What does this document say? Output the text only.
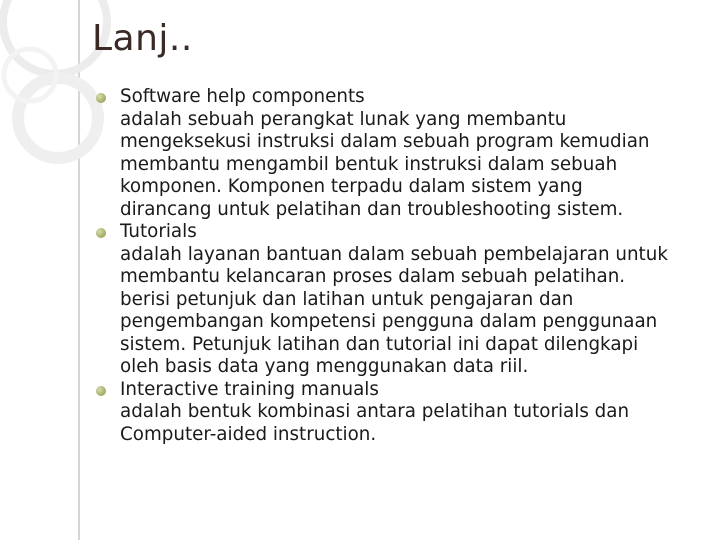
Lanj..
Software help components
adalah sebuah perangkat lunak yang membantu
mengeksekusi instruksi dalam sebuah program kemudian
membantu mengambil bentuk instruksi dalam sebuah
komponen. Komponen terpadu dalam sistem yang
dirancang untuk pelatihan dan troubleshooting sistem.
Tutorials
adalah layanan bantuan dalam sebuah pembelajaran untuk
membantu kelancaran proses dalam sebuah pelatihan.
berisi petunjuk dan latihan untuk pengajaran dan
pengembangan kompetensi pengguna dalam penggunaan
sistem. Petunjuk latihan dan tutorial ini dapat dilengkapi
oleh basis data yang menggunakan data riil.
Interactive training manuals
adalah bentuk kombinasi antara pelatihan tutorials dan
Computer-aided instruction.
